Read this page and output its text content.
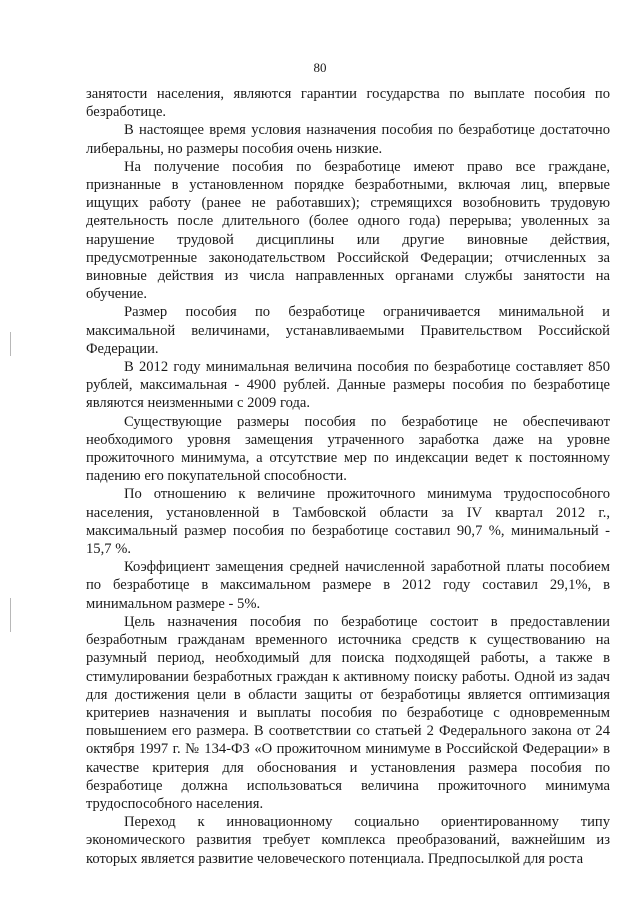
80

занятости населения, являются гарантии государства по выплате пособия по безработице.

В настоящее время условия назначения пособия по безработице достаточно либеральны, но размеры пособия очень низкие.

На получение пособия по безработице имеют право все граждане, признанные в установленном порядке безработными, включая лиц, впервые ищущих работу (ранее не работавших); стремящихся возобновить трудовую деятельность после длительного (более одного года) перерыва; уволенных за нарушение трудовой дисциплины или другие виновные действия, предусмотренные законодательством Российской Федерации; отчисленных за виновные действия из числа направленных органами службы занятости на обучение.

Размер пособия по безработице ограничивается минимальной и максимальной величинами, устанавливаемыми Правительством Российской Федерации.

В 2012 году минимальная величина пособия по безработице составляет 850 рублей, максимальная - 4900 рублей. Данные размеры пособия по безработице являются неизменными с 2009 года.

Существующие размеры пособия по безработице не обеспечивают необходимого уровня замещения утраченного заработка даже на уровне прожиточного минимума, а отсутствие мер по индексации ведет к постоянному падению его покупательной способности.

По отношению к величине прожиточного минимума трудоспособного населения, установленной в Тамбовской области за IV квартал 2012 г., максимальный размер пособия по безработице составил 90,7 %, минимальный - 15,7 %.

Коэффициент замещения средней начисленной заработной платы пособием по безработице в максимальном размере в 2012 году составил 29,1%, в минимальном размере - 5%.

Цель назначения пособия по безработице состоит в предоставлении безработным гражданам временного источника средств к существованию на разумный период, необходимый для поиска подходящей работы, а также в стимулировании безработных граждан к активному поиску работы. Одной из задач для достижения цели в области защиты от безработицы является оптимизация критериев назначения и выплаты пособия по безработице с одновременным повышением его размера. В соответствии со статьей 2 Федерального закона от 24 октября 1997 г. № 134-ФЗ «О прожиточном минимуме в Российской Федерации» в качестве критерия для обоснования и установления размера пособия по безработице должна использоваться величина прожиточного минимума трудоспособного населения.

Переход к инновационному социально ориентированному типу экономического развития требует комплекса преобразований, важнейшим из которых является развитие человеческого потенциала. Предпосылкой для роста
